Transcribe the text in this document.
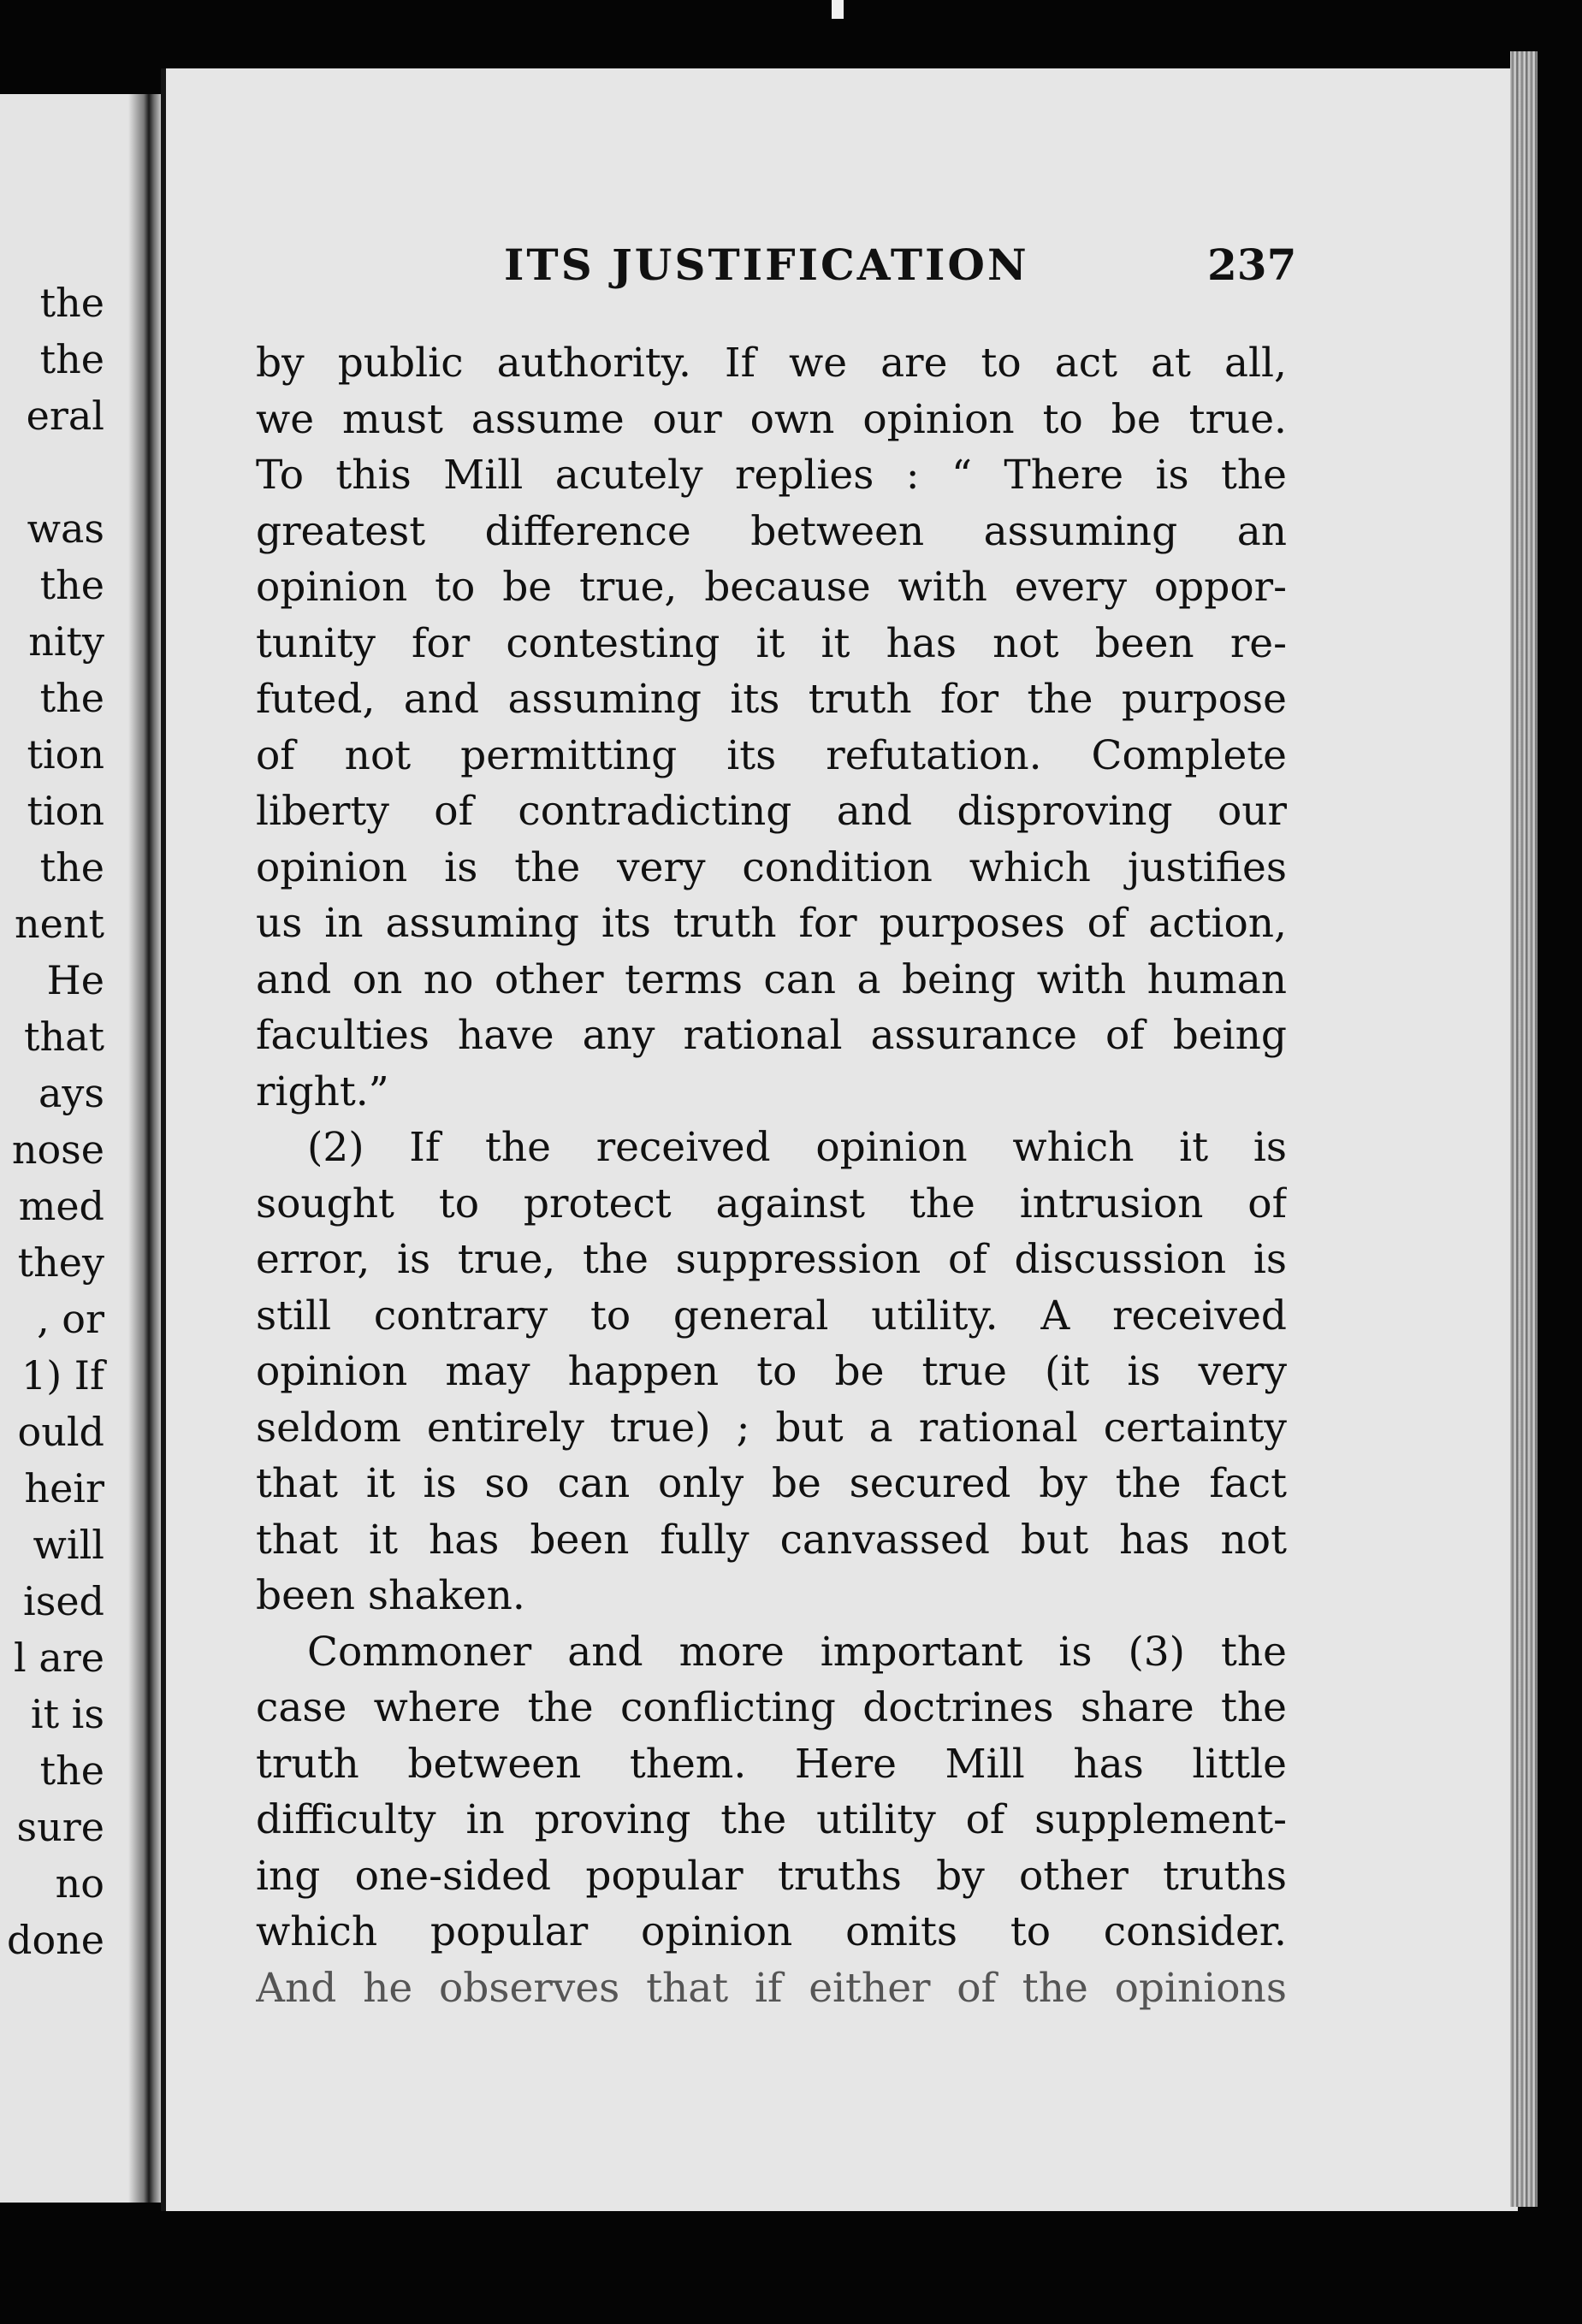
the
the
eral
was
the
nity
the
tion
tion
the
nent
He
that
ays
nose
med
they
, or
1) If
ould
heir
will
ised
l are
it is
the
sure
no
done
ITS JUSTIFICATION	237
by public authority. If we are to act at all,
we must assume our own opinion to be true.
To this Mill acutely replies : “ There is the
greatest difference between assuming an
opinion to be true, because with every oppor-
tunity for contesting it it has not been re-
futed, and assuming its truth for the purpose
of not permitting its refutation. Complete
liberty of contradicting and disproving our
opinion is the very condition which justifies
us in assuming its truth for purposes of action,
and on no other terms can a being with human
faculties have any rational assurance of being
right.”
(2) If the received opinion which it is
sought to protect against the intrusion of
error, is true, the suppression of discussion is
still contrary to general utility. A received
opinion may happen to be true (it is very
seldom entirely true) ; but a rational certainty
that it is so can only be secured by the fact
that it has been fully canvassed but has not
been shaken.
Commoner and more important is (3) the
case where the conflicting doctrines share the
truth between them. Here Mill has little
difficulty in proving the utility of supplement-
ing one-sided popular truths by other truths
which popular opinion omits to consider.
And he observes that if either of the opinions
